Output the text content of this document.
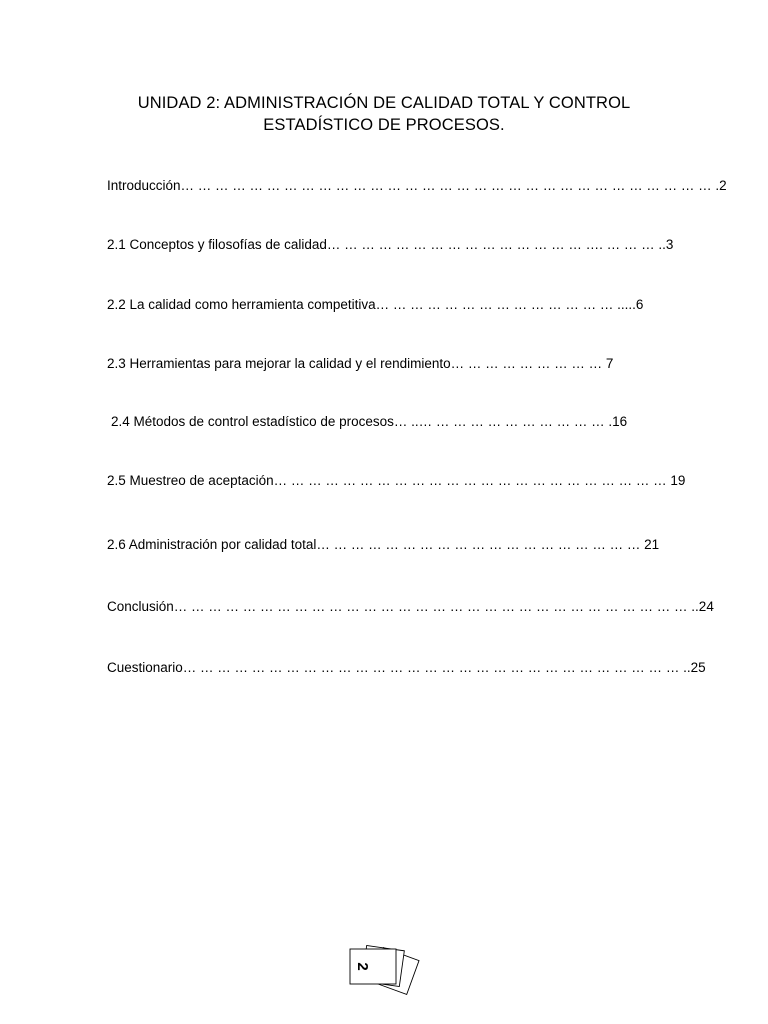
UNIDAD 2: ADMINISTRACIÓN DE CALIDAD TOTAL Y CONTROL
ESTADÍSTICO DE PROCESOS.
Introducción… … … … … … … … … … … … … … … … … … … … … … … … … … … … … … … .2
2.1 Conceptos y filosofías de calidad… … … … … … … … … … … … … … … …. … … … ..3
2.2 La calidad como herramienta competitiva… … … … … … … … … … … … … … .....6
2.3 Herramientas para mejorar la calidad y el rendimiento… … … … … … … … … 7
2.4 Métodos de control estadístico de procesos… ..… … … … … … … … … … … .16
2.5 Muestreo de aceptación… … … … … … … … … … … … … … … … … … … … … … … 19
2.6 Administración por calidad total… … … … … … … … … … … … … … … … … … … 21
Conclusión… … … … … … … … … … … … … … … … … … … … … … … … … … … … … … ..24
Cuestionario… … … … … … … … … … … … … … … … … … … … … … … … … … … … … ..25
2
